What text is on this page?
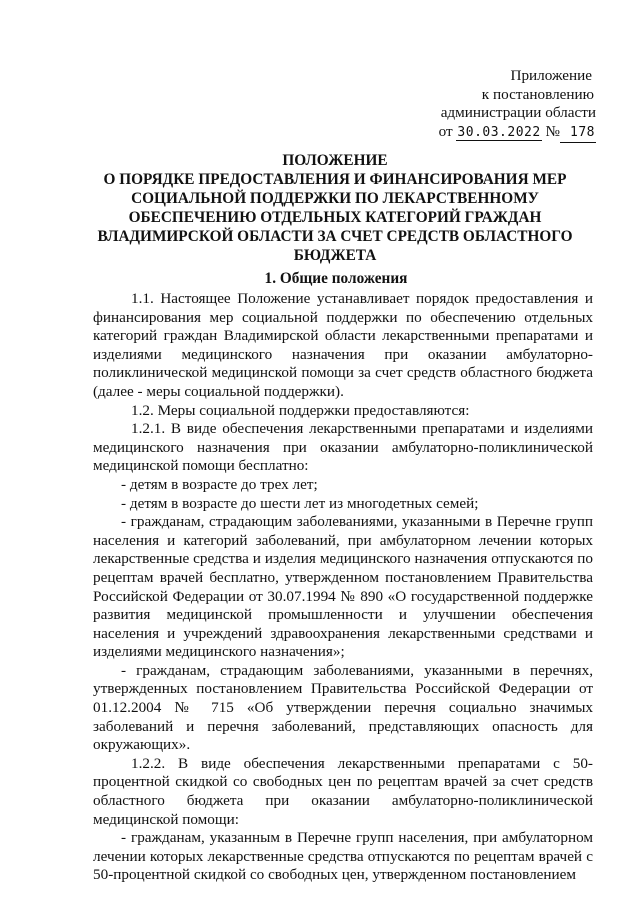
Приложение
к постановлению
администрации области
от 30.03.2022 № 178
ПОЛОЖЕНИЕ
О ПОРЯДКЕ ПРЕДОСТАВЛЕНИЯ И ФИНАНСИРОВАНИЯ МЕР
СОЦИАЛЬНОЙ ПОДДЕРЖКИ ПО ЛЕКАРСТВЕННОМУ
ОБЕСПЕЧЕНИЮ ОТДЕЛЬНЫХ КАТЕГОРИЙ ГРАЖДАН
ВЛАДИМИРСКОЙ ОБЛАСТИ ЗА СЧЕТ СРЕДСТВ ОБЛАСТНОГО
БЮДЖЕТА
1. Общие положения

1.1. Настоящее Положение устанавливает порядок предоставления и финансирования мер социальной поддержки по обеспечению отдельных категорий граждан Владимирской области лекарственными препаратами и изделиями медицинского назначения при оказании амбулаторно-поликлинической медицинской помощи за счет средств областного бюджета (далее - меры социальной поддержки).

1.2. Меры социальной поддержки предоставляются:

1.2.1. В виде обеспечения лекарственными препаратами и изделиями медицинского назначения при оказании амбулаторно-поликлинической медицинской помощи бесплатно:

- детям в возрасте до трех лет;

- детям в возрасте до шести лет из многодетных семей;

- гражданам, страдающим заболеваниями, указанными в Перечне групп населения и категорий заболеваний, при амбулаторном лечении которых лекарственные средства и изделия медицинского назначения отпускаются по рецептам врачей бесплатно, утвержденном постановлением Правительства Российской Федерации от 30.07.1994 № 890 «О государственной поддержке развития медицинской промышленности и улучшении обеспечения населения и учреждений здравоохранения лекарственными средствами и изделиями медицинского назначения»;

- гражданам, страдающим заболеваниями, указанными в перечнях, утвержденных постановлением Правительства Российской Федерации от 01.12.2004 № 715 «Об утверждении перечня социально значимых заболеваний и перечня заболеваний, представляющих опасность для окружающих».

1.2.2. В виде обеспечения лекарственными препаратами с 50-процентной скидкой со свободных цен по рецептам врачей за счет средств областного бюджета при оказании амбулаторно-поликлинической медицинской помощи:

- гражданам, указанным в Перечне групп населения, при амбулаторном лечении которых лекарственные средства отпускаются по рецептам врачей с 50-процентной скидкой со свободных цен, утвержденном постановлением
